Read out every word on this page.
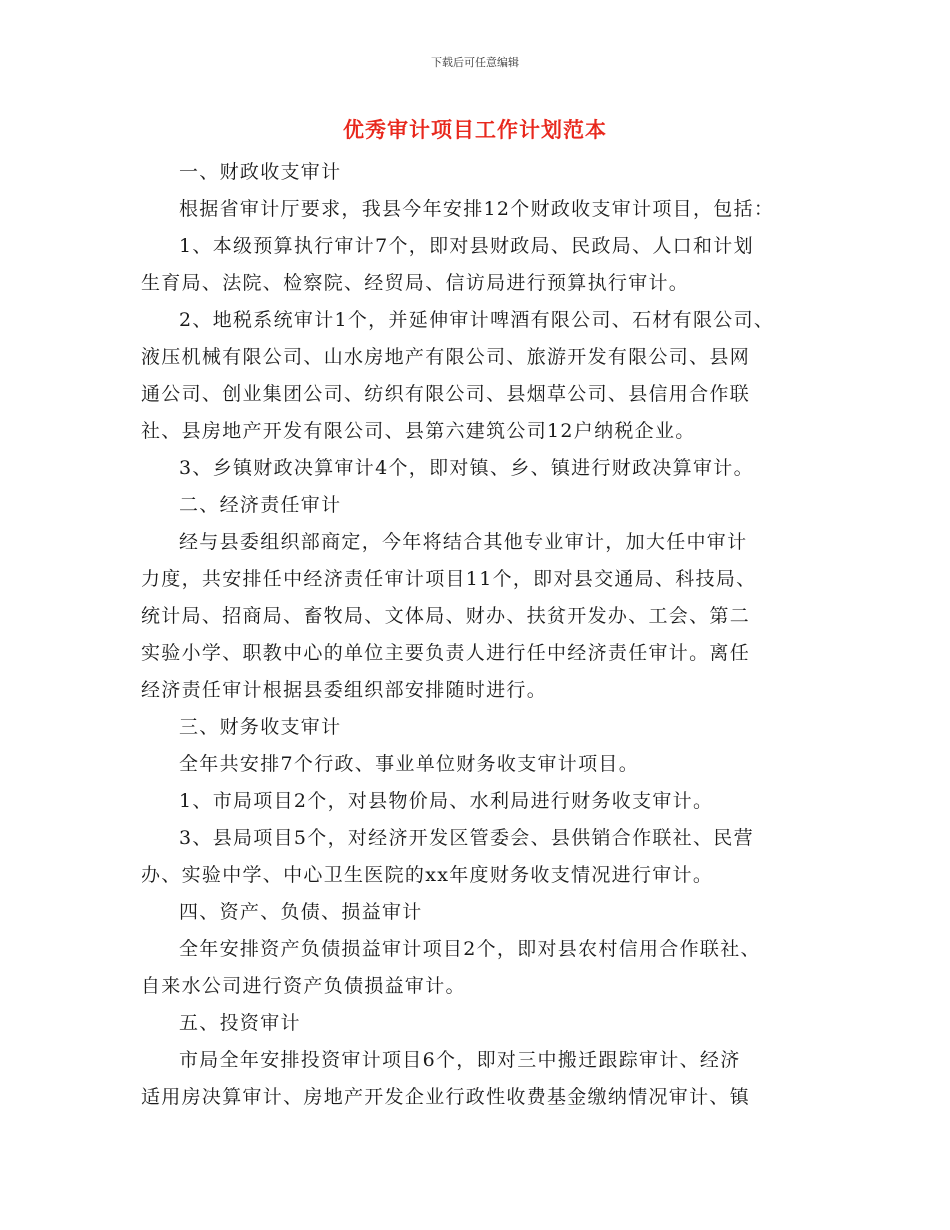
下载后可任意编辑
优秀审计项目工作计划范本
一、财政收支审计
根据省审计厅要求，我县今年安排12个财政收支审计项目，包括：
1、本级预算执行审计7个，即对县财政局、民政局、人口和计划
生育局、法院、检察院、经贸局、信访局进行预算执行审计。
2、地税系统审计1个，并延伸审计啤酒有限公司、石材有限公司、
液压机械有限公司、山水房地产有限公司、旅游开发有限公司、县网
通公司、创业集团公司、纺织有限公司、县烟草公司、县信用合作联
社、县房地产开发有限公司、县第六建筑公司12户纳税企业。
3、乡镇财政决算审计4个，即对镇、乡、镇进行财政决算审计。
二、经济责任审计
经与县委组织部商定，今年将结合其他专业审计，加大任中审计
力度，共安排任中经济责任审计项目11个，即对县交通局、科技局、
统计局、招商局、畜牧局、文体局、财办、扶贫开发办、工会、第二
实验小学、职教中心的单位主要负责人进行任中经济责任审计。离任
经济责任审计根据县委组织部安排随时进行。
三、财务收支审计
全年共安排7个行政、事业单位财务收支审计项目。
1、市局项目2个，对县物价局、水利局进行财务收支审计。
3、县局项目5个，对经济开发区管委会、县供销合作联社、民营
办、实验中学、中心卫生医院的xx年度财务收支情况进行审计。
四、资产、负债、损益审计
全年安排资产负债损益审计项目2个，即对县农村信用合作联社、
自来水公司进行资产负债损益审计。
五、投资审计
市局全年安排投资审计项目6个，即对三中搬迁跟踪审计、经济
适用房决算审计、房地产开发企业行政性收费基金缴纳情况审计、镇
